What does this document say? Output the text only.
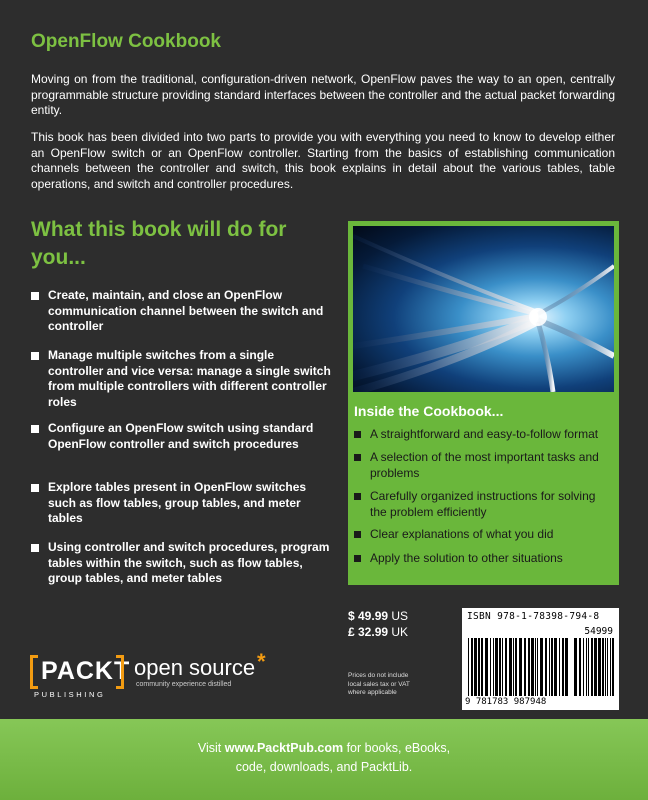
OpenFlow Cookbook

Moving on from the traditional, configuration-driven network, OpenFlow paves the way to an open, centrally programmable structure providing standard interfaces between the controller and the actual packet forwarding entity.

This book has been divided into two parts to provide you with everything you need to know to develop either an OpenFlow switch or an OpenFlow controller. Starting from the basics of establishing communication channels between the controller and switch, this book explains in detail about the various tables, table operations, and switch and controller procedures.

What this book will do for you...
Create, maintain, and close an OpenFlow communication channel between the switch and controller
Manage multiple switches from a single controller and vice versa: manage a single switch from multiple controllers with different controller roles
Configure an OpenFlow switch using standard OpenFlow controller and switch procedures
Explore tables present in OpenFlow switches such as flow tables, group tables, and meter tables
Using controller and switch procedures, program tables within the switch, such as flow tables, group tables, and meter tables
Inside the Cookbook...
A straightforward and easy-to-follow format
A selection of the most important tasks and problems
Carefully organized instructions for solving the problem efficiently
Clear explanations of what you did
Apply the solution to other situations
$ 49.99 US
£ 32.99 UK
Prices do not include local sales tax or VAT where applicable
ISBN 978-1-78398-794-8
54999
9 781783 987948
PACKT
PUBLISHING
open source *
community experience distilled
Visit www.PacktPub.com for books, eBooks,
code, downloads, and PacktLib.
